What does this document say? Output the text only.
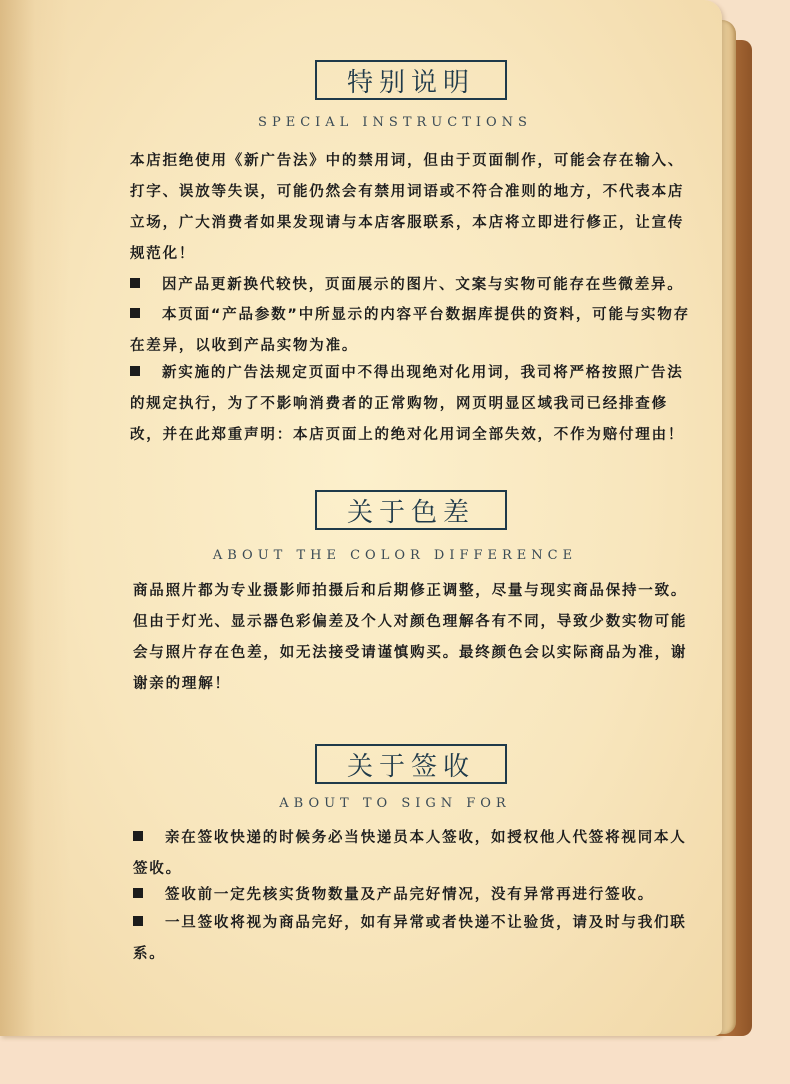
特别说明
SPECIAL INSTRUCTIONS
本店拒绝使用《新广告法》中的禁用词，但由于页面制作，可能会存在输入、打字、误放等失误，可能仍然会有禁用词语或不符合准则的地方，不代表本店立场，广大消费者如果发现请与本店客服联系，本店将立即进行修正，让宣传规范化！
因产品更新换代较快，页面展示的图片、文案与实物可能存在些微差异。
本页面“产品参数”中所显示的内容平台数据库提供的资料，可能与实物存在差异，以收到产品实物为准。
新实施的广告法规定页面中不得出现绝对化用词，我司将严格按照广告法的规定执行，为了不影响消费者的正常购物，网页明显区域我司已经排查修改，并在此郑重声明：本店页面上的绝对化用词全部失效，不作为赔付理由！
关于色差
ABOUT THE COLOR DIFFERENCE
商品照片都为专业摄影师拍摄后和后期修正调整，尽量与现实商品保持一致。但由于灯光、显示器色彩偏差及个人对颜色理解各有不同，导致少数实物可能会与照片存在色差，如无法接受请谨慎购买。最终颜色会以实际商品为准，谢谢亲的理解！
关于签收
ABOUT TO SIGN FOR
亲在签收快递的时候务必当快递员本人签收，如授权他人代签将视同本人签收。
签收前一定先核实货物数量及产品完好情况，没有异常再进行签收。
一旦签收将视为商品完好，如有异常或者快递不让验货，请及时与我们联系。
